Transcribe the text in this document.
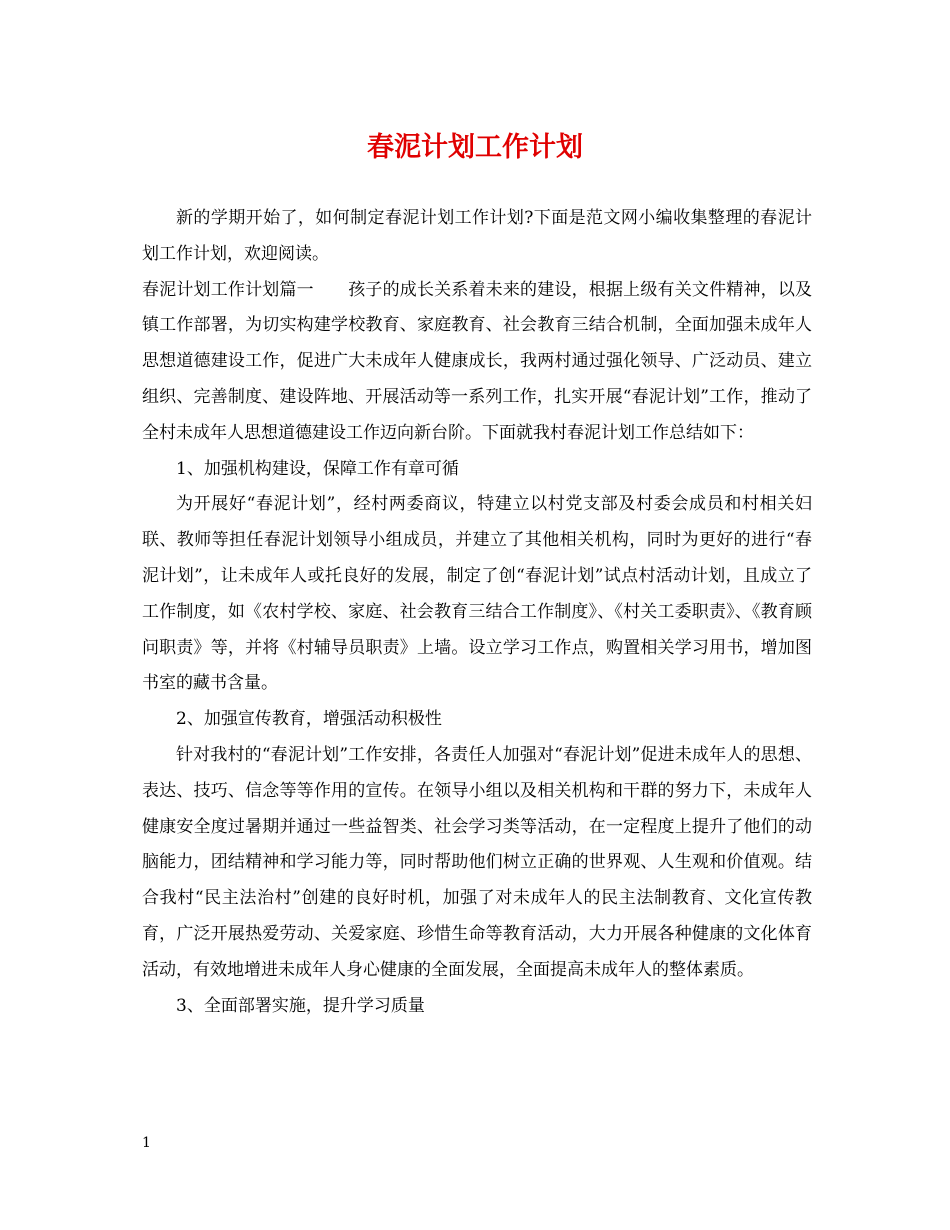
春泥计划工作计划

新的学期开始了，如何制定春泥计划工作计划?下面是范文网小编收集整理的春泥计划工作计划，欢迎阅读。

春泥计划工作计划篇一　　孩子的成长关系着未来的建设，根据上级有关文件精神，以及镇工作部署，为切实构建学校教育、家庭教育、社会教育三结合机制，全面加强未成年人思想道德建设工作，促进广大未成年人健康成长，我两村通过强化领导、广泛动员、建立组织、完善制度、建设阵地、开展活动等一系列工作，扎实开展“春泥计划”工作，推动了全村未成年人思想道德建设工作迈向新台阶。下面就我村春泥计划工作总结如下：

1、加强机构建设，保障工作有章可循

为开展好“春泥计划”，经村两委商议，特建立以村党支部及村委会成员和村相关妇联、教师等担任春泥计划领导小组成员，并建立了其他相关机构，同时为更好的进行“春泥计划”，让未成年人或托良好的发展，制定了创“春泥计划”试点村活动计划，且成立了工作制度，如《农村学校、家庭、社会教育三结合工作制度》、《村关工委职责》、《教育顾问职责》等，并将《村辅导员职责》上墙。设立学习工作点，购置相关学习用书，增加图书室的藏书含量。

2、加强宣传教育，增强活动积极性

针对我村的“春泥计划”工作安排，各责任人加强对“春泥计划”促进未成年人的思想、表达、技巧、信念等等作用的宣传。在领导小组以及相关机构和干群的努力下，未成年人健康安全度过暑期并通过一些益智类、社会学习类等活动，在一定程度上提升了他们的动脑能力，团结精神和学习能力等，同时帮助他们树立正确的世界观、人生观和价值观。结合我村“民主法治村”创建的良好时机，加强了对未成年人的民主法制教育、文化宣传教育，广泛开展热爱劳动、关爱家庭、珍惜生命等教育活动，大力开展各种健康的文化体育活动，有效地增进未成年人身心健康的全面发展，全面提高未成年人的整体素质。

3、全面部署实施，提升学习质量

1
